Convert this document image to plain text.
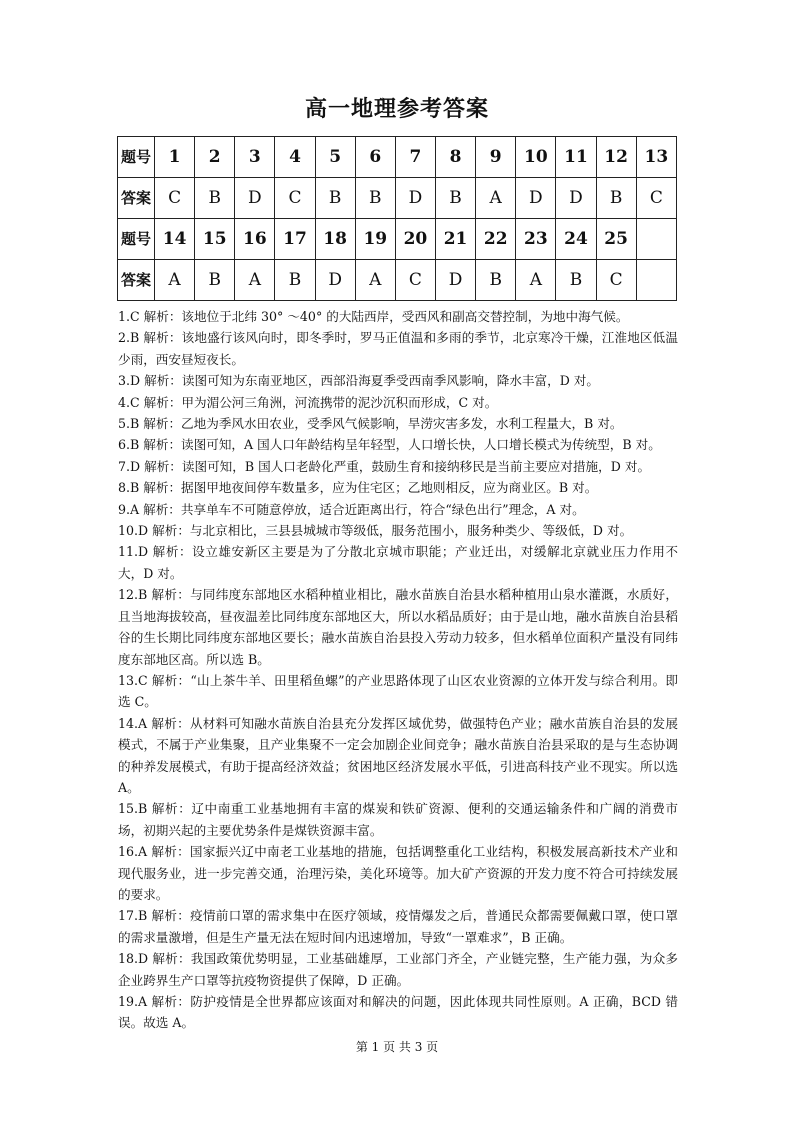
高一地理参考答案
题号	1	2	3	4	5	6	7	8	9	10	11	12	13
答案	C	B	D	C	B	B	D	B	A	D	D	B	C
题号	14	15	16	17	18	19	20	21	22	23	24	25	
答案	A	B	A	B	D	A	C	D	B	A	B	C	

1.C 解析：该地位于北纬 30° ～40° 的大陆西岸，受西风和副高交替控制，为地中海气候。

2.B 解析：该地盛行该风向时，即冬季时，罗马正值温和多雨的季节，北京寒冷干燥，江淮地区低温少雨，西安昼短夜长。

3.D 解析：读图可知为东南亚地区，西部沿海夏季受西南季风影响，降水丰富，D 对。

4.C 解析：甲为湄公河三角洲，河流携带的泥沙沉积而形成，C 对。

5.B 解析：乙地为季风水田农业，受季风气候影响，旱涝灾害多发，水利工程量大，B 对。

6.B 解析：读图可知，A 国人口年龄结构呈年轻型，人口增长快，人口增长模式为传统型，B 对。

7.D 解析：读图可知，B 国人口老龄化严重，鼓励生育和接纳移民是当前主要应对措施，D 对。

8.B 解析：据图甲地夜间停车数量多，应为住宅区；乙地则相反，应为商业区。B 对。

9.A 解析：共享单车不可随意停放，适合近距离出行，符合“绿色出行”理念，A 对。

10.D 解析：与北京相比，三县县城城市等级低，服务范围小，服务种类少、等级低，D 对。

11.D 解析：设立雄安新区主要是为了分散北京城市职能；产业迁出，对缓解北京就业压力作用不大，D 对。

12.B 解析：与同纬度东部地区水稻种植业相比，融水苗族自治县水稻种植用山泉水灌溉，水质好，且当地海拔较高，昼夜温差比同纬度东部地区大，所以水稻品质好；由于是山地，融水苗族自治县稻谷的生长期比同纬度东部地区要长；融水苗族自治县投入劳动力较多，但水稻单位面积产量没有同纬度东部地区高。所以选 B。

13.C 解析：“山上茶牛羊、田里稻鱼螺”的产业思路体现了山区农业资源的立体开发与综合利用。即选 C。

14.A 解析：从材料可知融水苗族自治县充分发挥区域优势，做强特色产业；融水苗族自治县的发展模式，不属于产业集聚，且产业集聚不一定会加剧企业间竞争；融水苗族自治县采取的是与生态协调的种养发展模式，有助于提高经济效益；贫困地区经济发展水平低，引进高科技产业不现实。所以选 A。

15.B 解析：辽中南重工业基地拥有丰富的煤炭和铁矿资源、便利的交通运输条件和广阔的消费市场，初期兴起的主要优势条件是煤铁资源丰富。

16.A 解析：国家振兴辽中南老工业基地的措施，包括调整重化工业结构，积极发展高新技术产业和现代服务业，进一步完善交通，治理污染，美化环境等。加大矿产资源的开发力度不符合可持续发展的要求。

17.B 解析：疫情前口罩的需求集中在医疗领域，疫情爆发之后，普通民众都需要佩戴口罩，使口罩的需求量激增，但是生产量无法在短时间内迅速增加，导致“一罩难求”，B 正确。

18.D 解析：我国政策优势明显，工业基础雄厚，工业部门齐全，产业链完整，生产能力强，为众多企业跨界生产口罩等抗疫物资提供了保障，D 正确。

19.A 解析：防护疫情是全世界都应该面对和解决的问题，因此体现共同性原则。A 正确，BCD 错误。故选 A。

第 1 页 共 3 页
